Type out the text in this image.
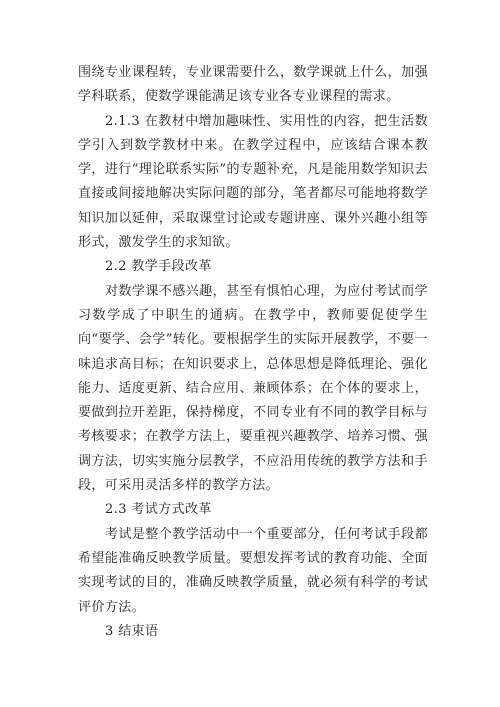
围绕专业课程转，专业课需要什么，数学课就上什么，加强学科联系，使数学课能满足该专业各专业课程的需求。

2.1.3 在教材中增加趣味性、实用性的内容，把生活数学引入到数学教材中来。在教学过程中，应该结合课本教学，进行“理论联系实际”的专题补充，凡是能用数学知识去直接或间接地解决实际问题的部分，笔者都尽可能地将数学知识加以延伸，采取课堂讨论或专题讲座、课外兴趣小组等形式，激发学生的求知欲。

2.2 教学手段改革

对数学课不感兴趣，甚至有惧怕心理，为应付考试而学习数学成了中职生的通病。在教学中，教师要促使学生向“要学、会学”转化。要根据学生的实际开展教学，不要一味追求高目标；在知识要求上，总体思想是降低理论、强化能力、适度更新、结合应用、兼顾体系；在个体的要求上，要做到拉开差距，保持梯度，不同专业有不同的教学目标与考核要求；在教学方法上，要重视兴趣教学、培养习惯、强调方法，切实实施分层教学，不应沿用传统的教学方法和手段，可采用灵活多样的教学方法。

2.3 考试方式改革

考试是整个教学活动中一个重要部分，任何考试手段都希望能准确反映教学质量。要想发挥考试的教育功能、全面实现考试的目的，准确反映教学质量，就必须有科学的考试评价方法。

3 结束语
